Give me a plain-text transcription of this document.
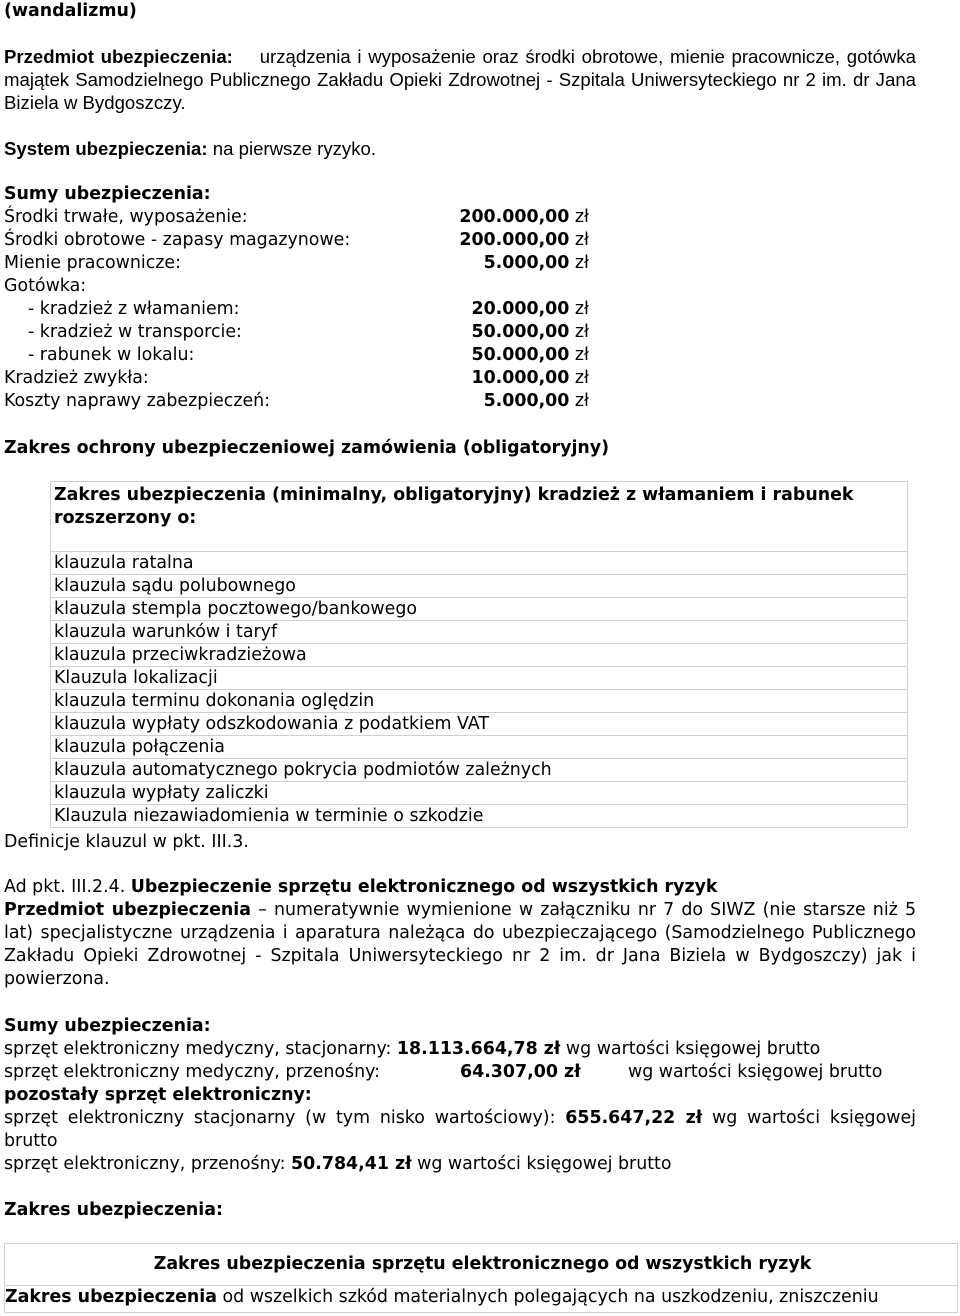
(wandalizmu)
Przedmiot ubezpieczenia: urządzenia i wyposażenie oraz środki obrotowe, mienie pracownicze, gotówka majątek Samodzielnego Publicznego Zakładu Opieki Zdrowotnej - Szpitala Uniwersyteckiego nr 2 im. dr Jana Biziela w Bydgoszczy.
System ubezpieczenia: na pierwsze ryzyko.
Sumy ubezpieczenia:
Środki trwałe, wyposażenie:	200.000,00 zł
Środki obrotowe - zapasy magazynowe:	200.000,00 zł
Mienie pracownicze:	5.000,00 zł
Gotówka:
- kradzież z włamaniem:	20.000,00 zł
- kradzież w transporcie:	50.000,00 zł
- rabunek w lokalu:	50.000,00 zł
Kradzież zwykła:	10.000,00 zł
Koszty naprawy zabezpieczeń:	5.000,00 zł
Zakres ochrony ubezpieczeniowej zamówienia (obligatoryjny)
Zakres ubezpieczenia (minimalny, obligatoryjny) kradzież z włamaniem i rabunek rozszerzony o:
klauzula ratalna
klauzula sądu polubownego
klauzula stempla pocztowego/bankowego
klauzula warunków i taryf
klauzula przeciwkradzieżowa
Klauzula lokalizacji
klauzula terminu dokonania oględzin
klauzula wypłaty odszkodowania z podatkiem VAT
klauzula połączenia
klauzula automatycznego pokrycia podmiotów zależnych
klauzula wypłaty zaliczki
Klauzula niezawiadomienia w terminie o szkodzie
Definicje klauzul w pkt. III.3.
Ad pkt. III.2.4. Ubezpieczenie sprzętu elektronicznego od wszystkich ryzyk
Przedmiot ubezpieczenia – numeratywnie wymienione w załączniku nr 7 do SIWZ (nie starsze niż 5 lat) specjalistyczne urządzenia i aparatura należąca do ubezpieczającego (Samodzielnego Publicznego Zakładu Opieki Zdrowotnej - Szpitala Uniwersyteckiego nr 2 im. dr Jana Biziela w Bydgoszczy) jak i powierzona.
Sumy ubezpieczenia:
sprzęt elektroniczny medyczny, stacjonarny: 18.113.664,78 zł wg wartości księgowej brutto
sprzęt elektroniczny medyczny, przenośny:	64.307,00 zł	wg wartości księgowej brutto
pozostały sprzęt elektroniczny:
sprzęt elektroniczny stacjonarny (w tym nisko wartościowy): 655.647,22 zł wg wartości księgowej brutto
sprzęt elektroniczny, przenośny: 50.784,41 zł wg wartości księgowej brutto
Zakres ubezpieczenia:
Zakres ubezpieczenia sprzętu elektronicznego od wszystkich ryzyk
Zakres ubezpieczenia od wszelkich szkód materialnych polegających na uszkodzeniu, zniszczeniu
